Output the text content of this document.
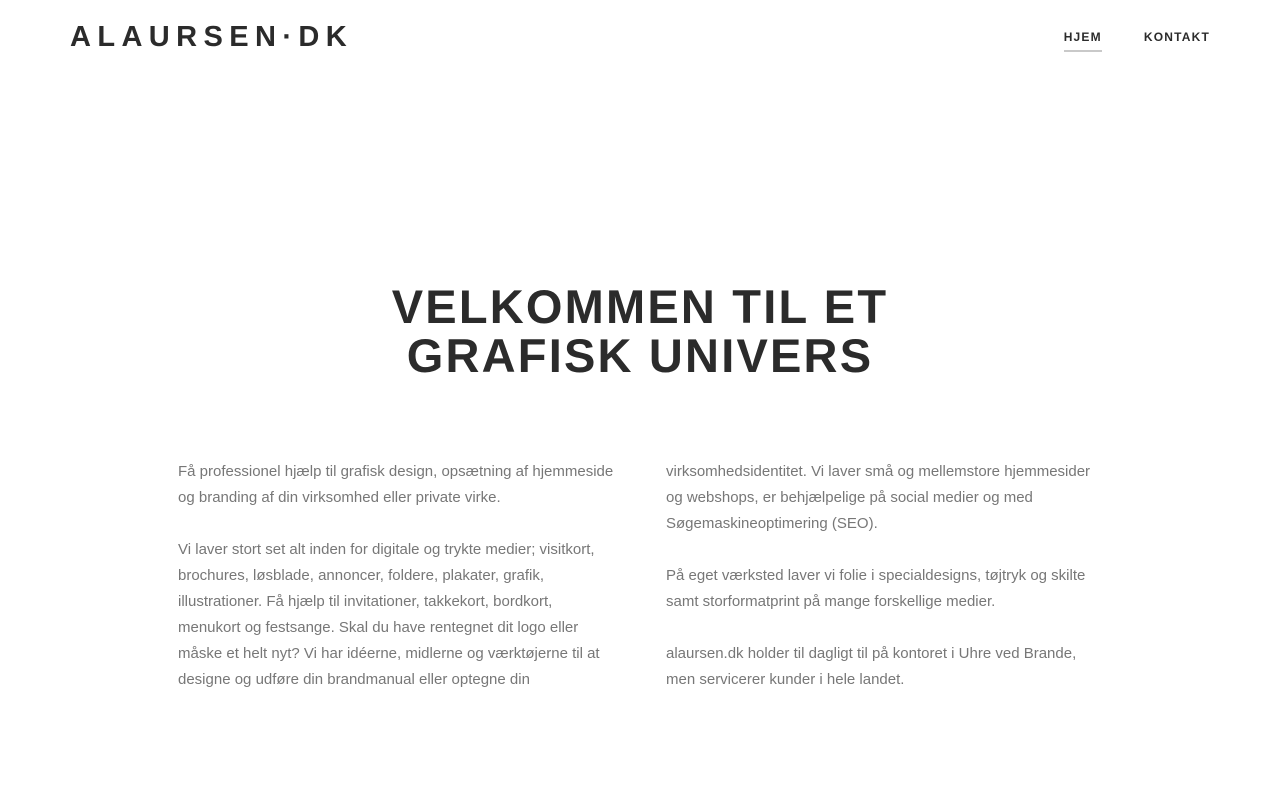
ALAURSEN·DK	HJEM	KONTAKT
VELKOMMEN TIL ET
GRAFISK UNIVERS

Få professionel hjælp til grafisk design, opsætning af hjemmeside og branding af din virksomhed eller private virke.

Vi laver stort set alt inden for digitale og trykte medier; visitkort, brochures, løsblade, annoncer, foldere, plakater, grafik, illustrationer. Få hjælp til invitationer, takkekort, bordkort, menukort og festsange. Skal du have rentegnet dit logo eller måske et helt nyt? Vi har idéerne, midlerne og værktøjerne til at designe og udføre din brandmanual eller optegne din

virksomhedsidentitet. Vi laver små og mellemstore hjemmesider og webshops, er behjælpelige på social medier og med Søgemaskineoptimering (SEO).

På eget værksted laver vi folie i specialdesigns, tøjtryk og skilte samt storformatprint på mange forskellige medier.

alaursen.dk holder til dagligt til på kontoret i Uhre ved Brande, men servicerer kunder i hele landet.
